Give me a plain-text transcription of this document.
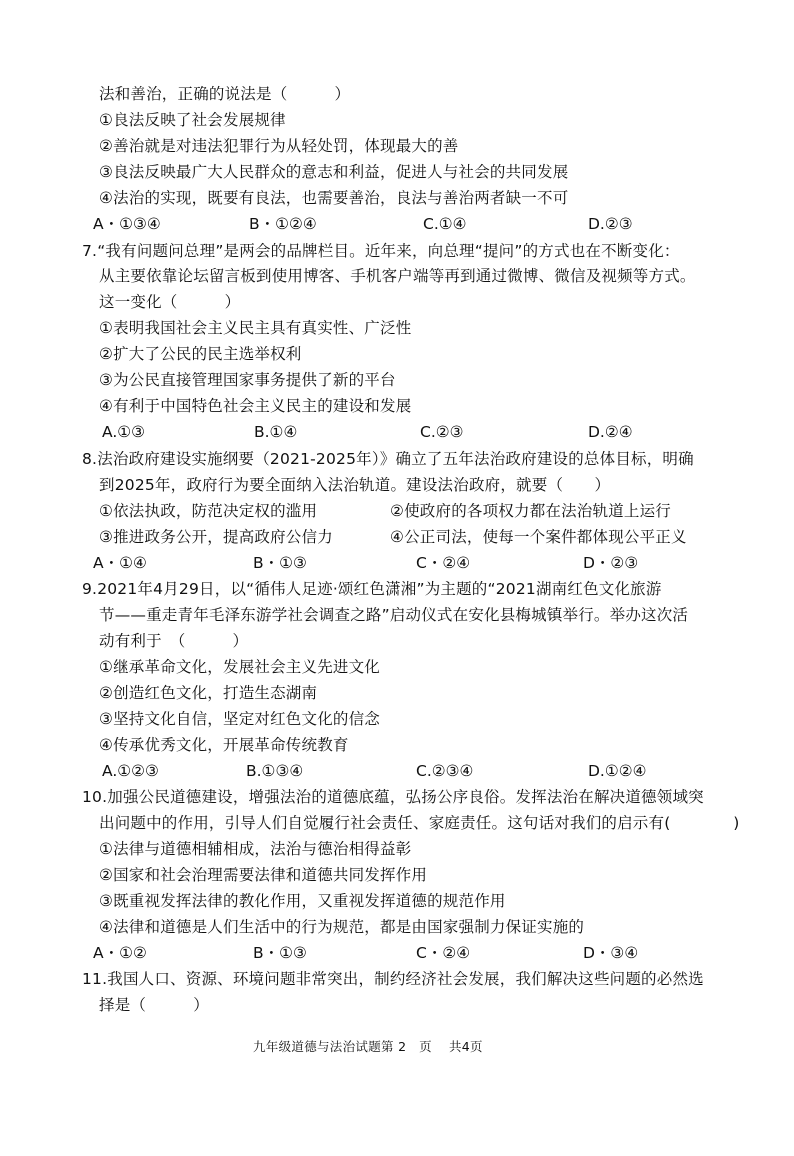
法和善治，正确的说法是（　　　）
①良法反映了社会发展规律
②善治就是对违法犯罪行为从轻处罚，体现最大的善
③良法反映最广大人民群众的意志和利益，促进人与社会的共同发展
④法治的实现，既要有良法，也需要善治，良法与善治两者缺一不可
A・①③④	B・①②④	C.①④	D.②③
7.“我有问题问总理”是两会的品牌栏目。近年来，向总理“提问”的方式也在不断变化：
从主要依靠论坛留言板到使用博客、手机客户端等再到通过微博、微信及视频等方式。
这一变化（　　　）
①表明我国社会主义民主具有真实性、广泛性
②扩大了公民的民主选举权利
③为公民直接管理国家事务提供了新的平台
④有利于中国特色社会主义民主的建设和发展
A.①③	B.①④	C.②③	D.②④
8.法治政府建设实施纲要（2021-2025年）》确立了五年法治政府建设的总体目标，明确
到2025年，政府行为要全面纳入法治轨道。建设法治政府，就要（　　）
①依法执政，防范决定权的滥用	②使政府的各项权力都在法治轨道上运行
③推进政务公开，提高政府公信力	④公正司法，使每一个案件都体现公平正义
A・①④	B・①③	C・②④	D・②③
9.2021年4月29日，以“循伟人足迹·颂红色潇湘”为主题的“2021湖南红色文化旅游
节——重走青年毛泽东游学社会调查之路”启动仪式在安化县梅城镇举行。举办这次活
动有利于　（　　　）
①继承革命文化，发展社会主义先进文化
②创造红色文化，打造生态湖南
③坚持文化自信，坚定对红色文化的信念
④传承优秀文化，开展革命传统教育
A.①②③	B.①③④	C.②③④	D.①②④
10.加强公民道德建设，增强法治的道德底蕴，弘扬公序良俗。发挥法治在解决道德领域突
出问题中的作用，引导人们自觉履行社会责任、家庭责任。这句话对我们的启示有(　　　　)
①法律与道德相辅相成，法治与德治相得益彰
②国家和社会治理需要法律和道德共同发挥作用
③既重视发挥法律的教化作用，又重视发挥道德的规范作用
④法律和道德是人们生活中的行为规范，都是由国家强制力保证实施的
A・①②	B・①③	C・②④	D・③④
11.我国人口、资源、环境问题非常突出，制约经济社会发展，我们解决这些问题的必然选
择是（　　　）
九年级道德与法治试题第 2　页　 共4页
